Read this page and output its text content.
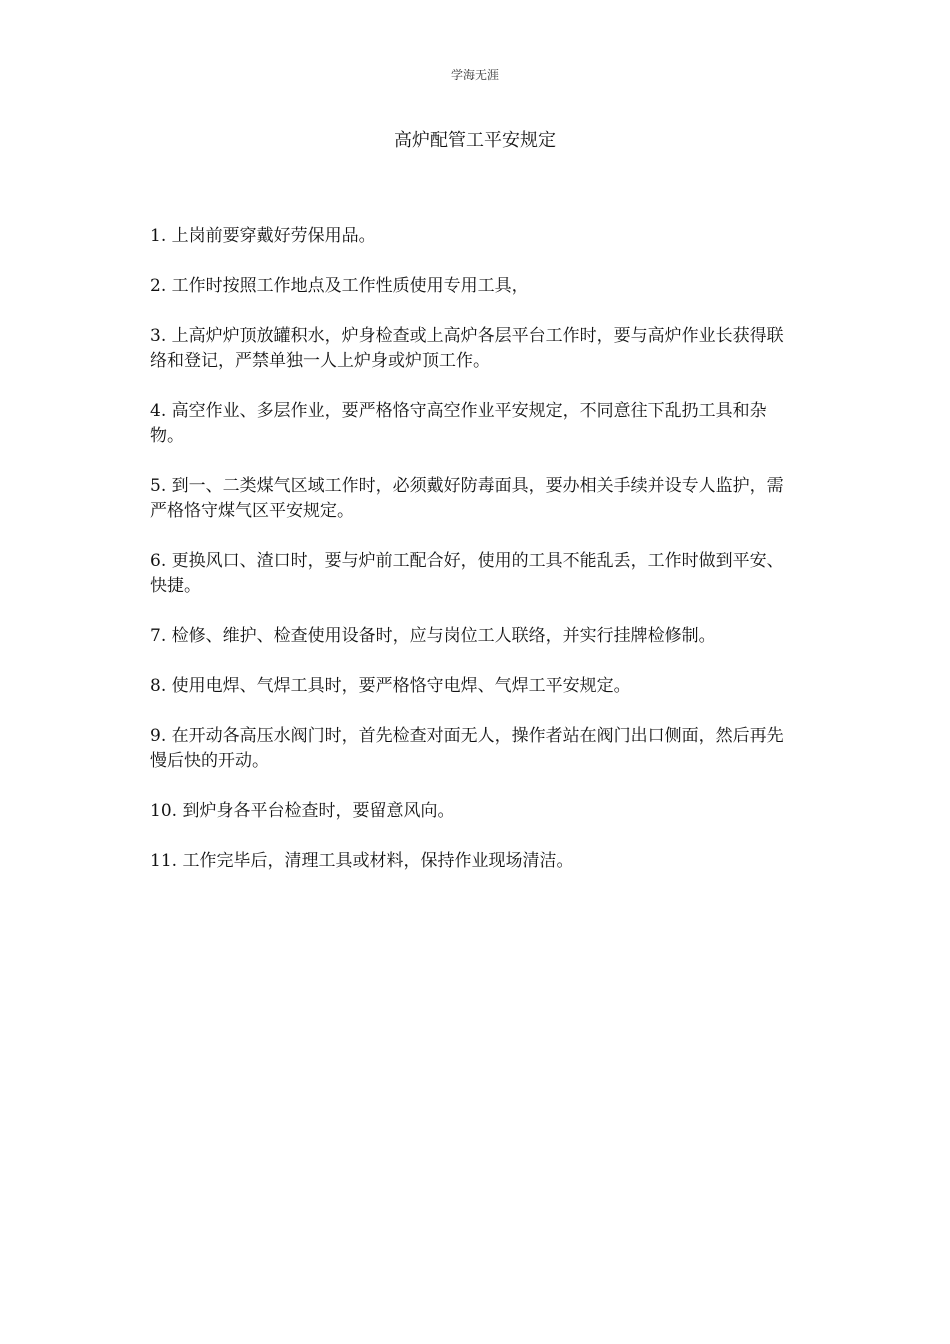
学海无涯
高炉配管工平安规定
1. 上岗前要穿戴好劳保用品。
2. 工作时按照工作地点及工作性质使用专用工具，
3. 上高炉炉顶放罐积水，炉身检查或上高炉各层平台工作时，要与高炉作业长获得联络和登记，严禁单独一人上炉身或炉顶工作。
4. 高空作业、多层作业，要严格恪守高空作业平安规定，不同意往下乱扔工具和杂物。
5. 到一、二类煤气区域工作时，必须戴好防毒面具，要办相关手续并设专人监护，需严格恪守煤气区平安规定。
6. 更换风口、渣口时，要与炉前工配合好，使用的工具不能乱丢，工作时做到平安、快捷。
7. 检修、维护、检查使用设备时，应与岗位工人联络，并实行挂牌检修制。
8. 使用电焊、气焊工具时，要严格恪守电焊、气焊工平安规定。
9. 在开动各高压水阀门时，首先检查对面无人，操作者站在阀门出口侧面，然后再先慢后快的开动。
10. 到炉身各平台检查时，要留意风向。
11. 工作完毕后，清理工具或材料，保持作业现场清洁。
